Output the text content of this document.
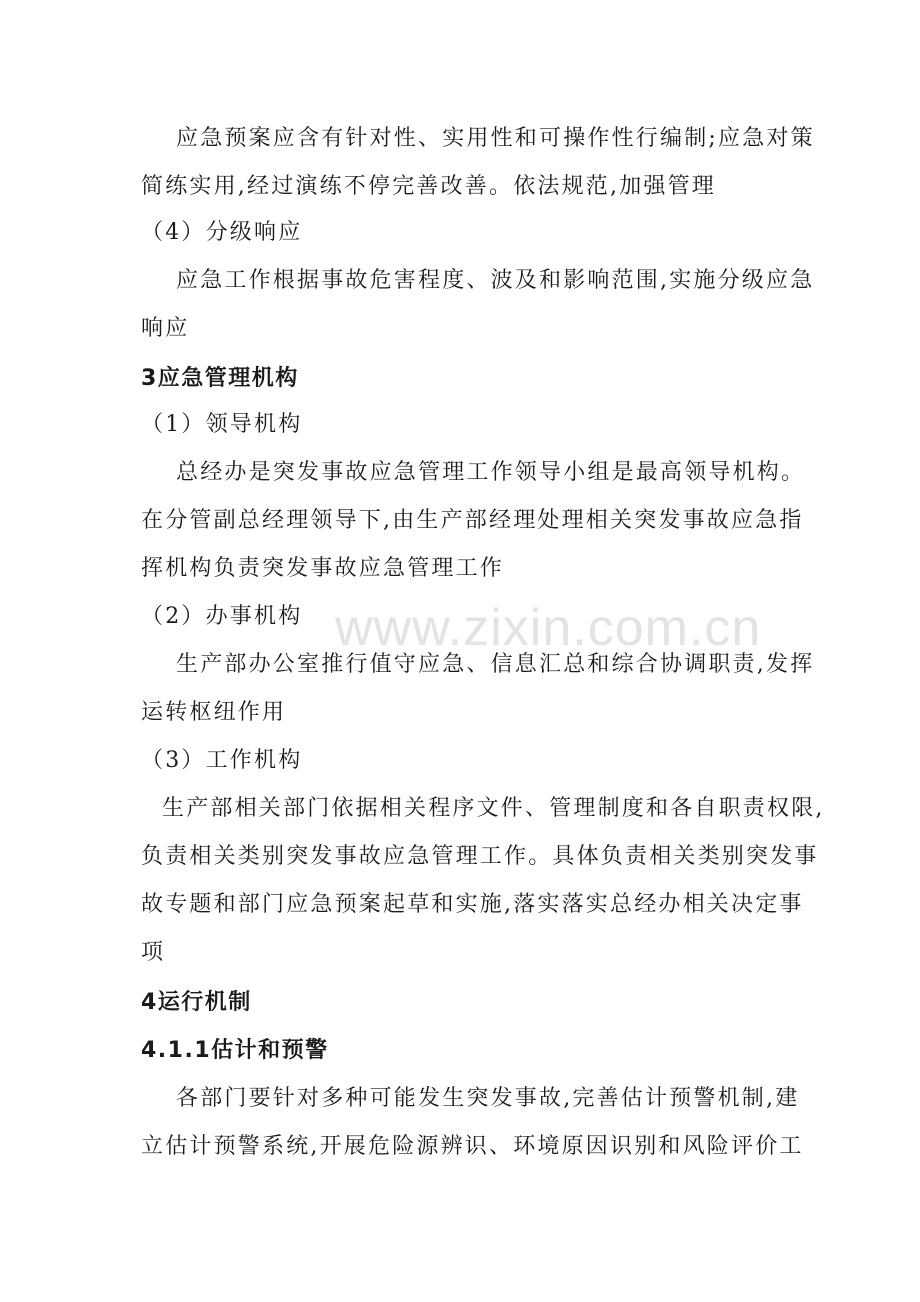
www.zixin.com.cn
应急预案应含有针对性、实用性和可操作性行编制;应急对策
简练实用,经过演练不停完善改善。依法规范,加强管理
（4）分级响应
应急工作根据事故危害程度、波及和影响范围,实施分级应急
响应
3应急管理机构
（1）领导机构
总经办是突发事故应急管理工作领导小组是最高领导机构。
在分管副总经理领导下,由生产部经理处理相关突发事故应急指
挥机构负责突发事故应急管理工作
（2）办事机构
生产部办公室推行值守应急、信息汇总和综合协调职责,发挥
运转枢纽作用
（3）工作机构
生产部相关部门依据相关程序文件、管理制度和各自职责权限,
负责相关类别突发事故应急管理工作。具体负责相关类别突发事
故专题和部门应急预案起草和实施,落实落实总经办相关决定事
项
4运行机制
4.1.1估计和预警
各部门要针对多种可能发生突发事故,完善估计预警机制,建
立估计预警系统,开展危险源辨识、环境原因识别和风险评价工
